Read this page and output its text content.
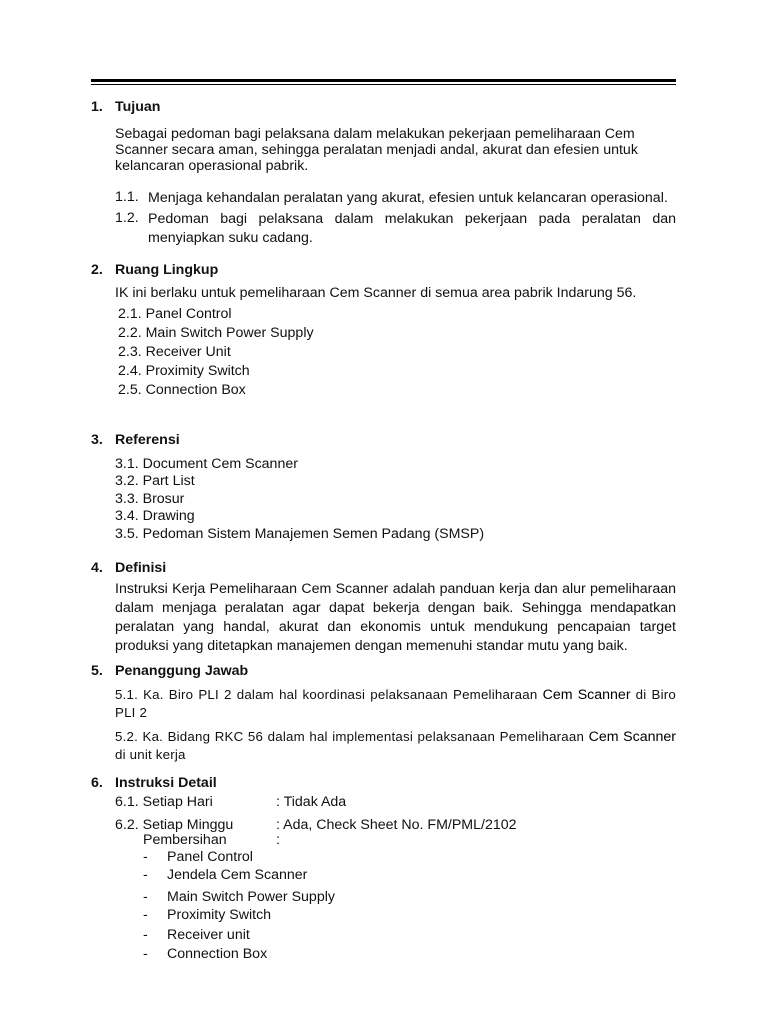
1. Tujuan
Sebagai pedoman bagi pelaksana dalam melakukan pekerjaan pemeliharaan Cem Scanner secara aman, sehingga peralatan menjadi andal, akurat dan efesien untuk kelancaran operasional pabrik.
1.1. Menjaga kehandalan peralatan yang akurat, efesien untuk kelancaran operasional.
1.2. Pedoman bagi pelaksana dalam melakukan pekerjaan pada peralatan dan menyiapkan suku cadang.
2. Ruang Lingkup
IK ini berlaku untuk pemeliharaan Cem Scanner di semua area pabrik Indarung 56.
2.1. Panel Control
2.2. Main Switch Power Supply
2.3. Receiver Unit
2.4. Proximity Switch
2.5. Connection Box
3. Referensi
3.1. Document Cem Scanner
3.2. Part List
3.3. Brosur
3.4. Drawing
3.5. Pedoman Sistem Manajemen Semen Padang (SMSP)
4. Definisi
Instruksi Kerja Pemeliharaan Cem Scanner adalah panduan kerja dan alur pemeliharaan dalam menjaga peralatan agar dapat bekerja dengan baik. Sehingga mendapatkan peralatan yang handal, akurat dan ekonomis untuk mendukung pencapaian target produksi yang ditetapkan manajemen dengan memenuhi standar mutu yang baik.
5. Penanggung Jawab
5.1. Ka. Biro PLI 2 dalam hal koordinasi pelaksanaan Pemeliharaan Cem Scanner di Biro PLI 2
5.2. Ka. Bidang RKC 56 dalam hal implementasi pelaksanaan Pemeliharaan Cem Scanner di unit kerja
6. Instruksi Detail
6.1. Setiap Hari	: Tidak Ada
6.2. Setiap Minggu	: Ada, Check Sheet No. FM/PML/2102
Pembersihan	:
- Panel Control
- Jendela Cem Scanner
- Main Switch Power Supply
- Proximity Switch
- Receiver unit
- Connection Box
